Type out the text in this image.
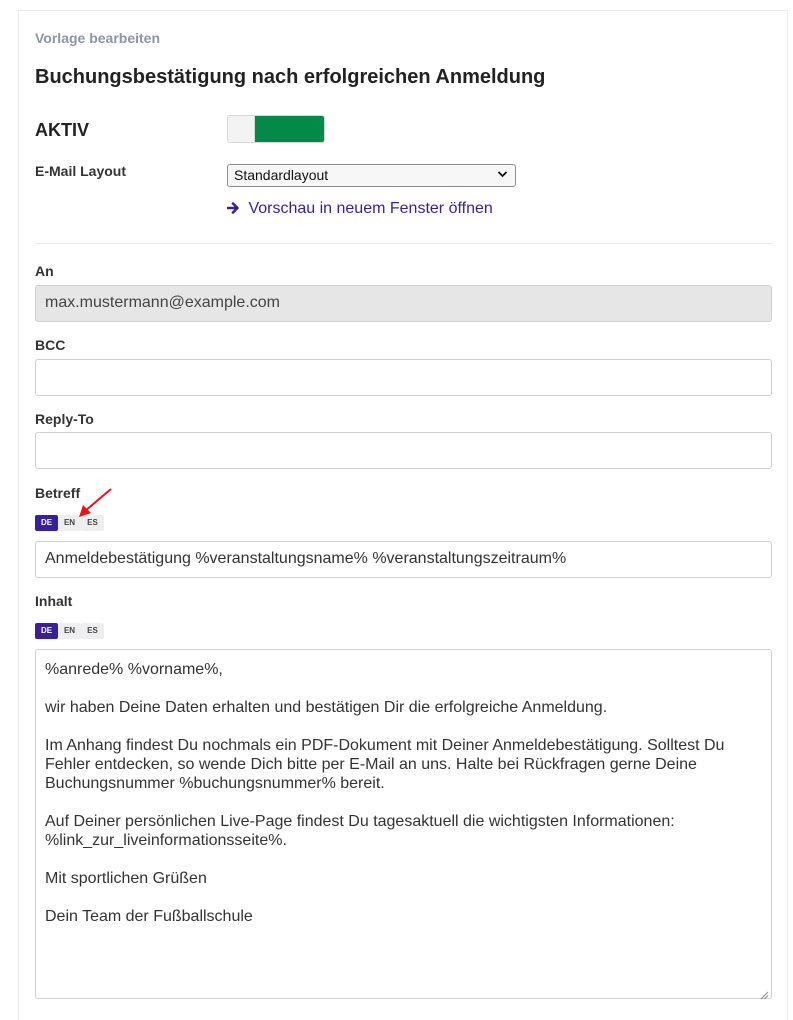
Vorlage bearbeiten
Buchungsbestätigung nach erfolgreichen Anmeldung
AKTIV
E-Mail Layout	Standardlayout
Vorschau in neuem Fenster öffnen
An
max.mustermann@example.com
BCC
Reply-To
Betreff
DE	EN	ES
Anmeldebestätigung %veranstaltungsname% %veranstaltungszeitraum%
Inhalt
DE	EN	ES

%anrede% %vorname%,

wir haben Deine Daten erhalten und bestätigen Dir die erfolgreiche Anmeldung.

Im Anhang findest Du nochmals ein PDF-Dokument mit Deiner Anmeldebestätigung. Solltest Du Fehler entdecken, so wende Dich bitte per E-Mail an uns. Halte bei Rückfragen gerne Deine Buchungsnummer %buchungsnummer% bereit.

Auf Deiner persönlichen Live-Page findest Du tagesaktuell die wichtigsten Informationen: %link_zur_liveinformationsseite%.

Mit sportlichen Grüßen

Dein Team der Fußballschule
